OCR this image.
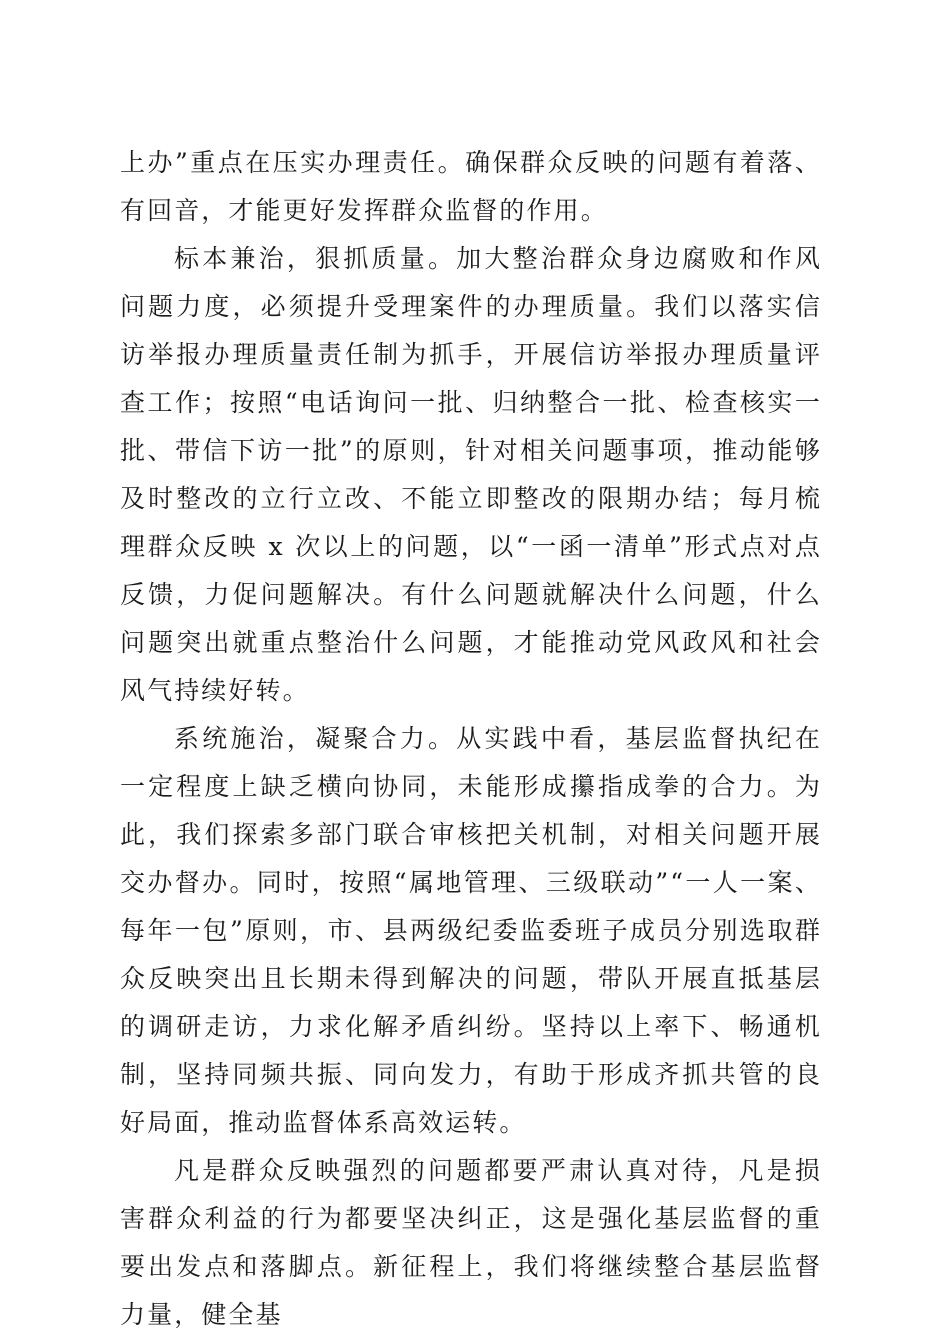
上办”重点在压实办理责任。确保群众反映的问题有着落、有回音，才能更好发挥群众监督的作用。

标本兼治，狠抓质量。加大整治群众身边腐败和作风问题力度，必须提升受理案件的办理质量。我们以落实信访举报办理质量责任制为抓手，开展信访举报办理质量评查工作；按照“电话询问一批、归纳整合一批、检查核实一批、带信下访一批”的原则，针对相关问题事项，推动能够及时整改的立行立改、不能立即整改的限期办结；每月梳理群众反映 x 次以上的问题，以“一函一清单”形式点对点反馈，力促问题解决。有什么问题就解决什么问题，什么问题突出就重点整治什么问题，才能推动党风政风和社会风气持续好转。

系统施治，凝聚合力。从实践中看，基层监督执纪在一定程度上缺乏横向协同，未能形成攥指成拳的合力。为此，我们探索多部门联合审核把关机制，对相关问题开展交办督办。同时，按照“属地管理、三级联动”“一人一案、每年一包”原则，市、县两级纪委监委班子成员分别选取群众反映突出且长期未得到解决的问题，带队开展直抵基层的调研走访，力求化解矛盾纠纷。坚持以上率下、畅通机制，坚持同频共振、同向发力，有助于形成齐抓共管的良好局面，推动监督体系高效运转。

凡是群众反映强烈的问题都要严肃认真对待，凡是损害群众利益的行为都要坚决纠正，这是强化基层监督的重要出发点和落脚点。新征程上，我们将继续整合基层监督力量，健全基
